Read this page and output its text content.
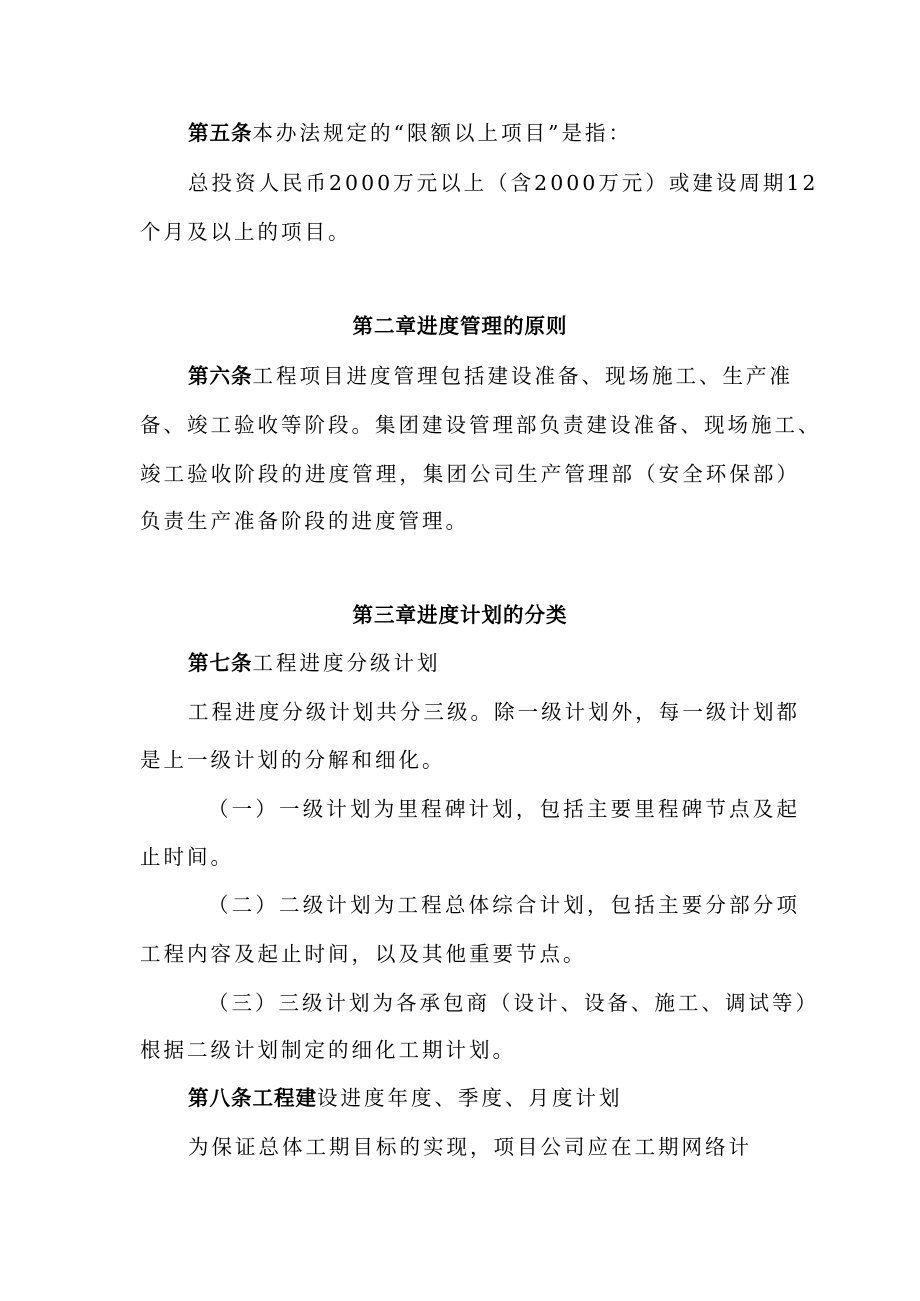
第五条本办法规定的“限额以上项目”是指：
总投资人民币2000万元以上（含2000万元）或建设周期12
个月及以上的项目。
第二章进度管理的原则
第六条工程项目进度管理包括建设准备、现场施工、生产准
备、竣工验收等阶段。集团建设管理部负责建设准备、现场施工、
竣工验收阶段的进度管理，集团公司生产管理部（安全环保部）
负责生产准备阶段的进度管理。
第三章进度计划的分类
第七条工程进度分级计划
工程进度分级计划共分三级。除一级计划外，每一级计划都
是上一级计划的分解和细化。
（一）一级计划为里程碑计划，包括主要里程碑节点及起
止时间。
（二）二级计划为工程总体综合计划，包括主要分部分项
工程内容及起止时间，以及其他重要节点。
（三）三级计划为各承包商（设计、设备、施工、调试等）
根据二级计划制定的细化工期计划。
第八条工程建设进度年度、季度、月度计划
为保证总体工期目标的实现，项目公司应在工期网络计
